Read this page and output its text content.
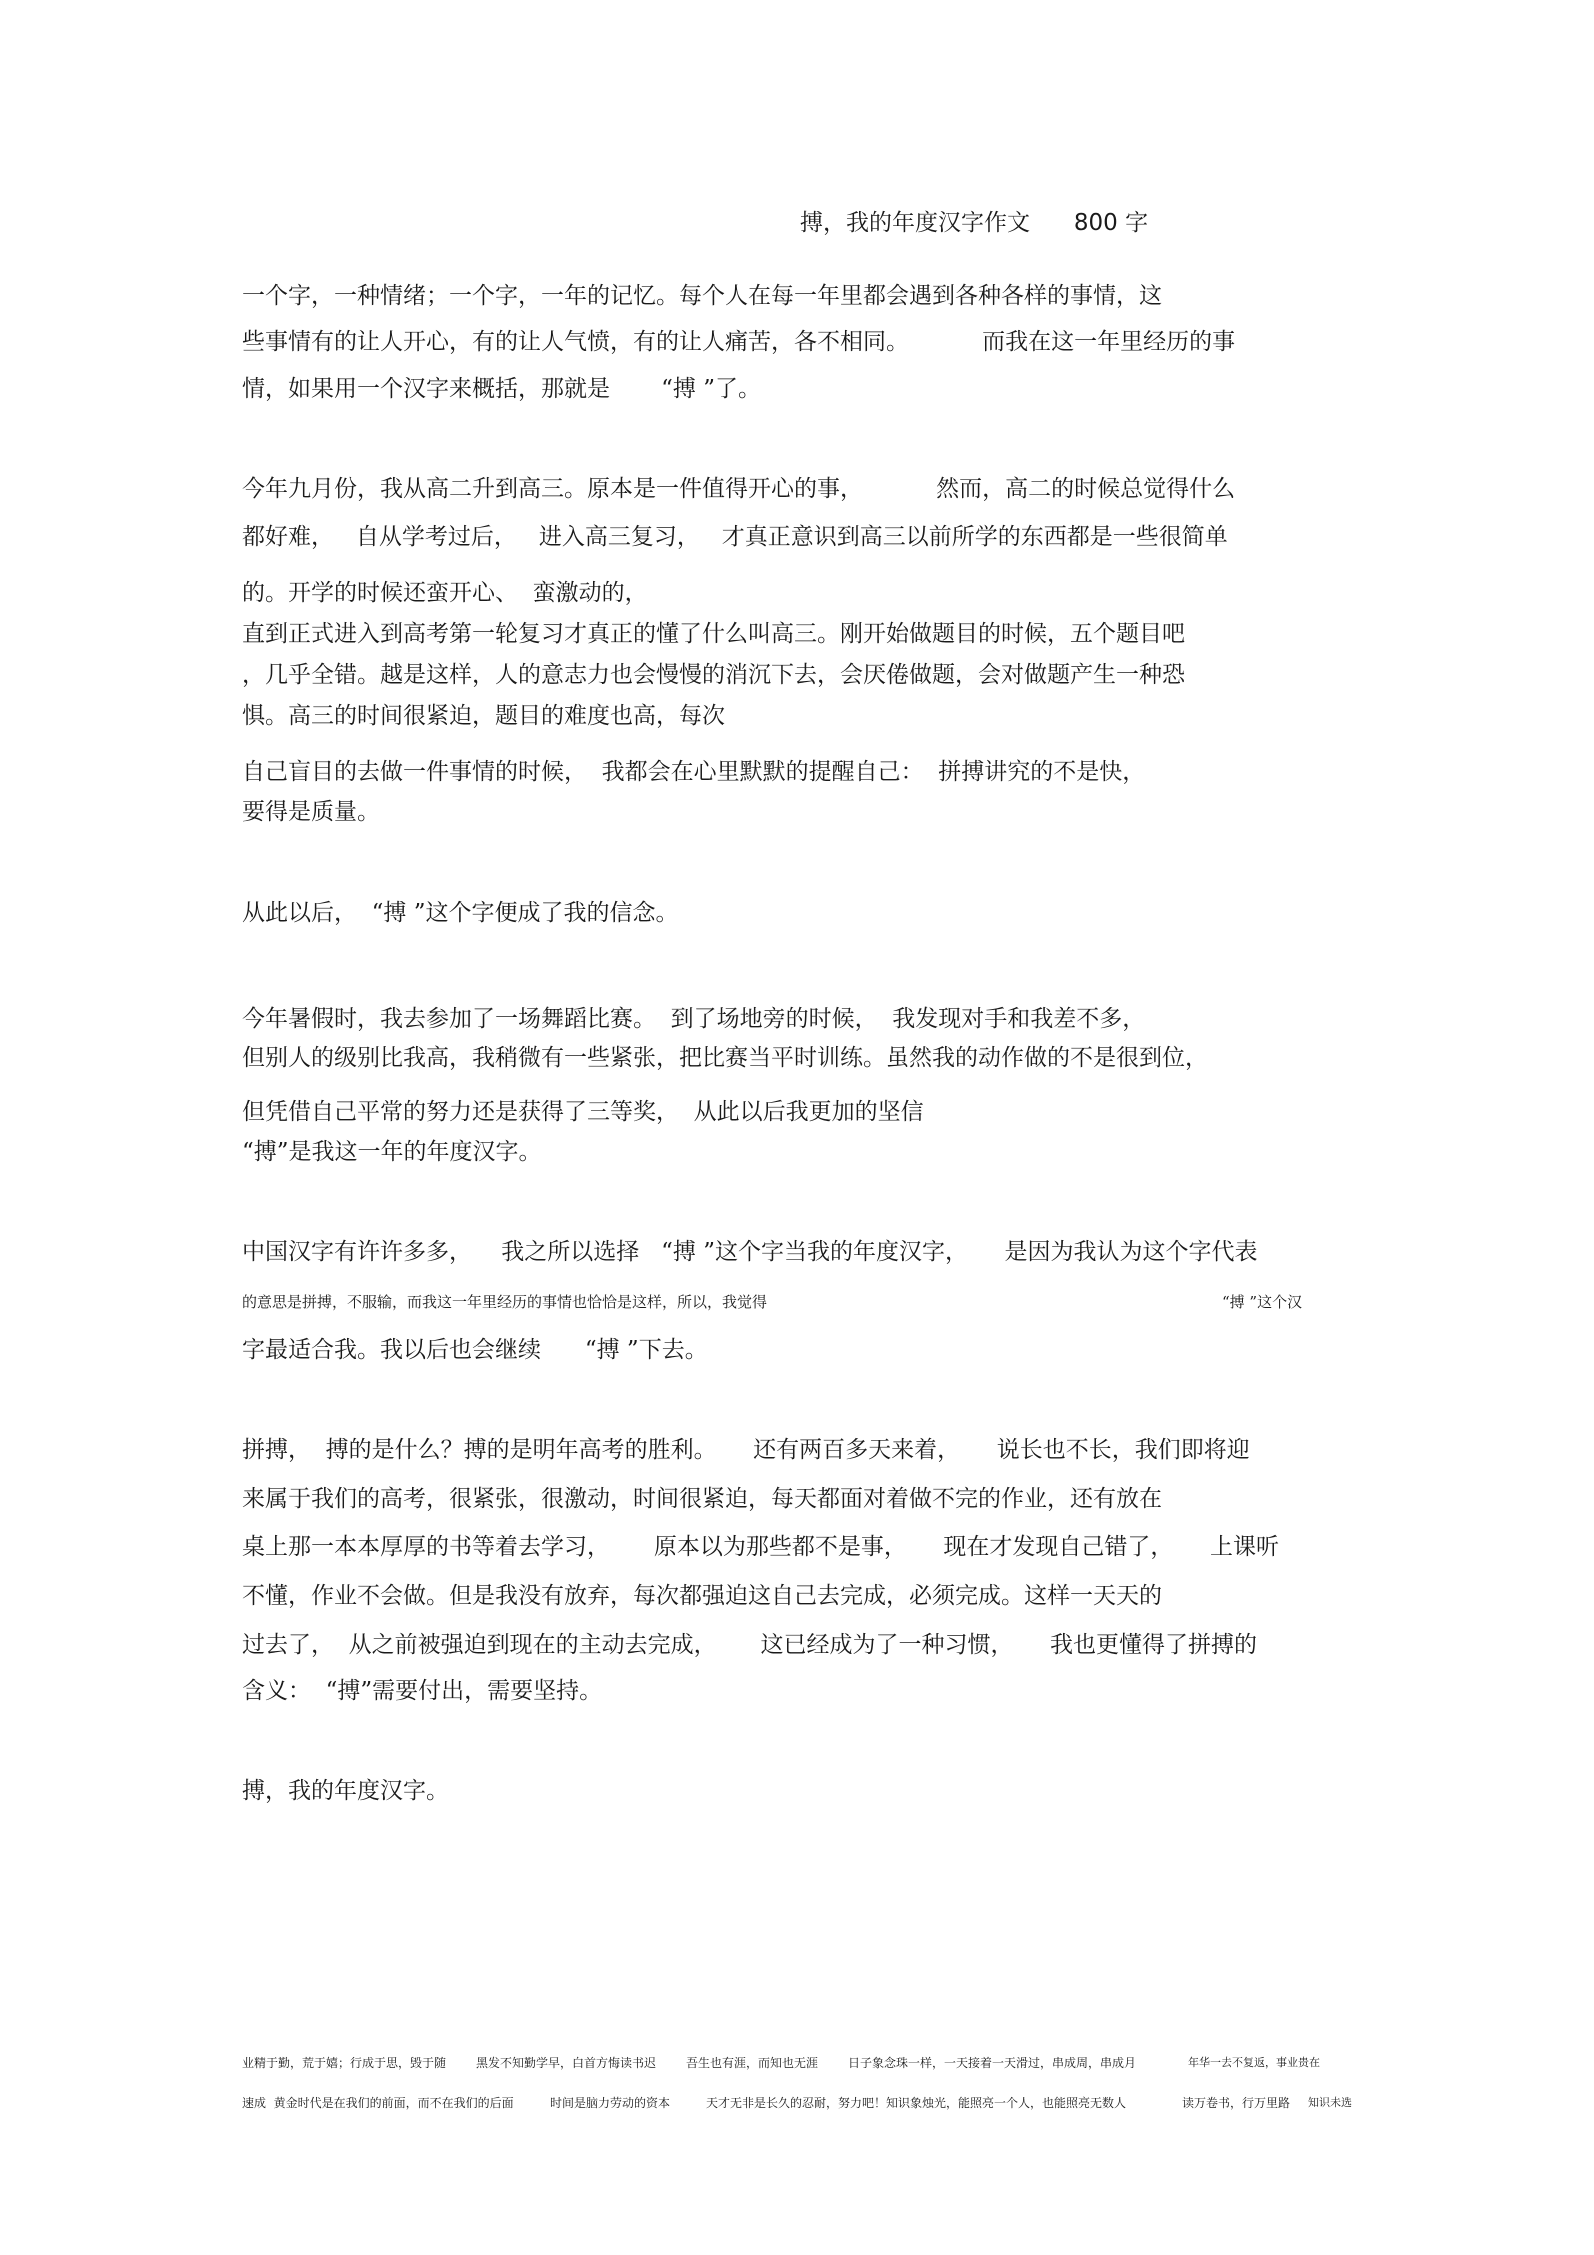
搏，我的年度汉字作文      800 字
一个字，一种情绪；一个字，一年的记忆。每个人在每一年里都会遇到各种各样的事情，这
些事情有的让人开心，有的让人气愤，有的让人痛苦，各不相同。          而我在这一年里经历的事
情，如果用一个汉字来概括，那就是       “搏 ”了。
今年九月份，我从高二升到高三。原本是一件值得开心的事，          然而，高二的时候总觉得什么
都好难，   自从学考过后，   进入高三复习，   才真正意识到高三以前所学的东西都是一些很简单
的。开学的时候还蛮开心、  蛮激动的，
直到正式进入到高考第一轮复习才真正的懂了什么叫高三。刚开始做题目的时候，五个题目吧
，几乎全错。越是这样，人的意志力也会慢慢的消沉下去，会厌倦做题，会对做题产生一种恐
惧。高三的时间很紧迫，题目的难度也高，每次
自己盲目的去做一件事情的时候，  我都会在心里默默的提醒自己：  拼搏讲究的不是快，
要得是质量。
从此以后，  “搏 ”这个字便成了我的信念。
今年暑假时，我去参加了一场舞蹈比赛。  到了场地旁的时候，  我发现对手和我差不多，
但别人的级别比我高，我稍微有一些紧张，把比赛当平时训练。虽然我的动作做的不是很到位，
但凭借自己平常的努力还是获得了三等奖，  从此以后我更加的坚信
“搏”是我这一年的年度汉字。
中国汉字有许许多多，    我之所以选择   “搏 ”这个字当我的年度汉字，     是因为我认为这个字代表
的意思是拼搏，不服输，而我这一年里经历的事情也恰恰是这样，所以，我觉得	“搏 ”这个汉
字最适合我。我以后也会继续      “搏 ”下去。
拼搏，  搏的是什么？搏的是明年高考的胜利。     还有两百多天来着，     说长也不长，我们即将迎
来属于我们的高考，很紧张，很激动，时间很紧迫，每天都面对着做不完的作业，还有放在
桌上那一本本厚厚的书等着去学习，      原本以为那些都不是事，     现在才发现自己错了，     上课听
不懂，作业不会做。但是我没有放弃，每次都强迫这自己去完成，必须完成。这样一天天的
过去了，  从之前被强迫到现在的主动去完成，      这已经成为了一种习惯，     我也更懂得了拼搏的
含义：  “搏”需要付出，需要坚持。
搏，我的年度汉字。
业精于勤，荒于嬉；行成于思，毁于随 黑发不知勤学早，白首方悔读书迟 吾生也有涯，而知也无涯 日子象念珠一样，一天接着一天滑过，串成周，串成月	年华一去不复返，事业贵在
速成  黄金时代是在我们的前面，而不在我们的后面	时间是脑力劳动的资本	天才无非是长久的忍耐，努力吧！知识象烛光，能照亮一个人，也能照亮无数人	读万卷书，行万里路 知识未选
